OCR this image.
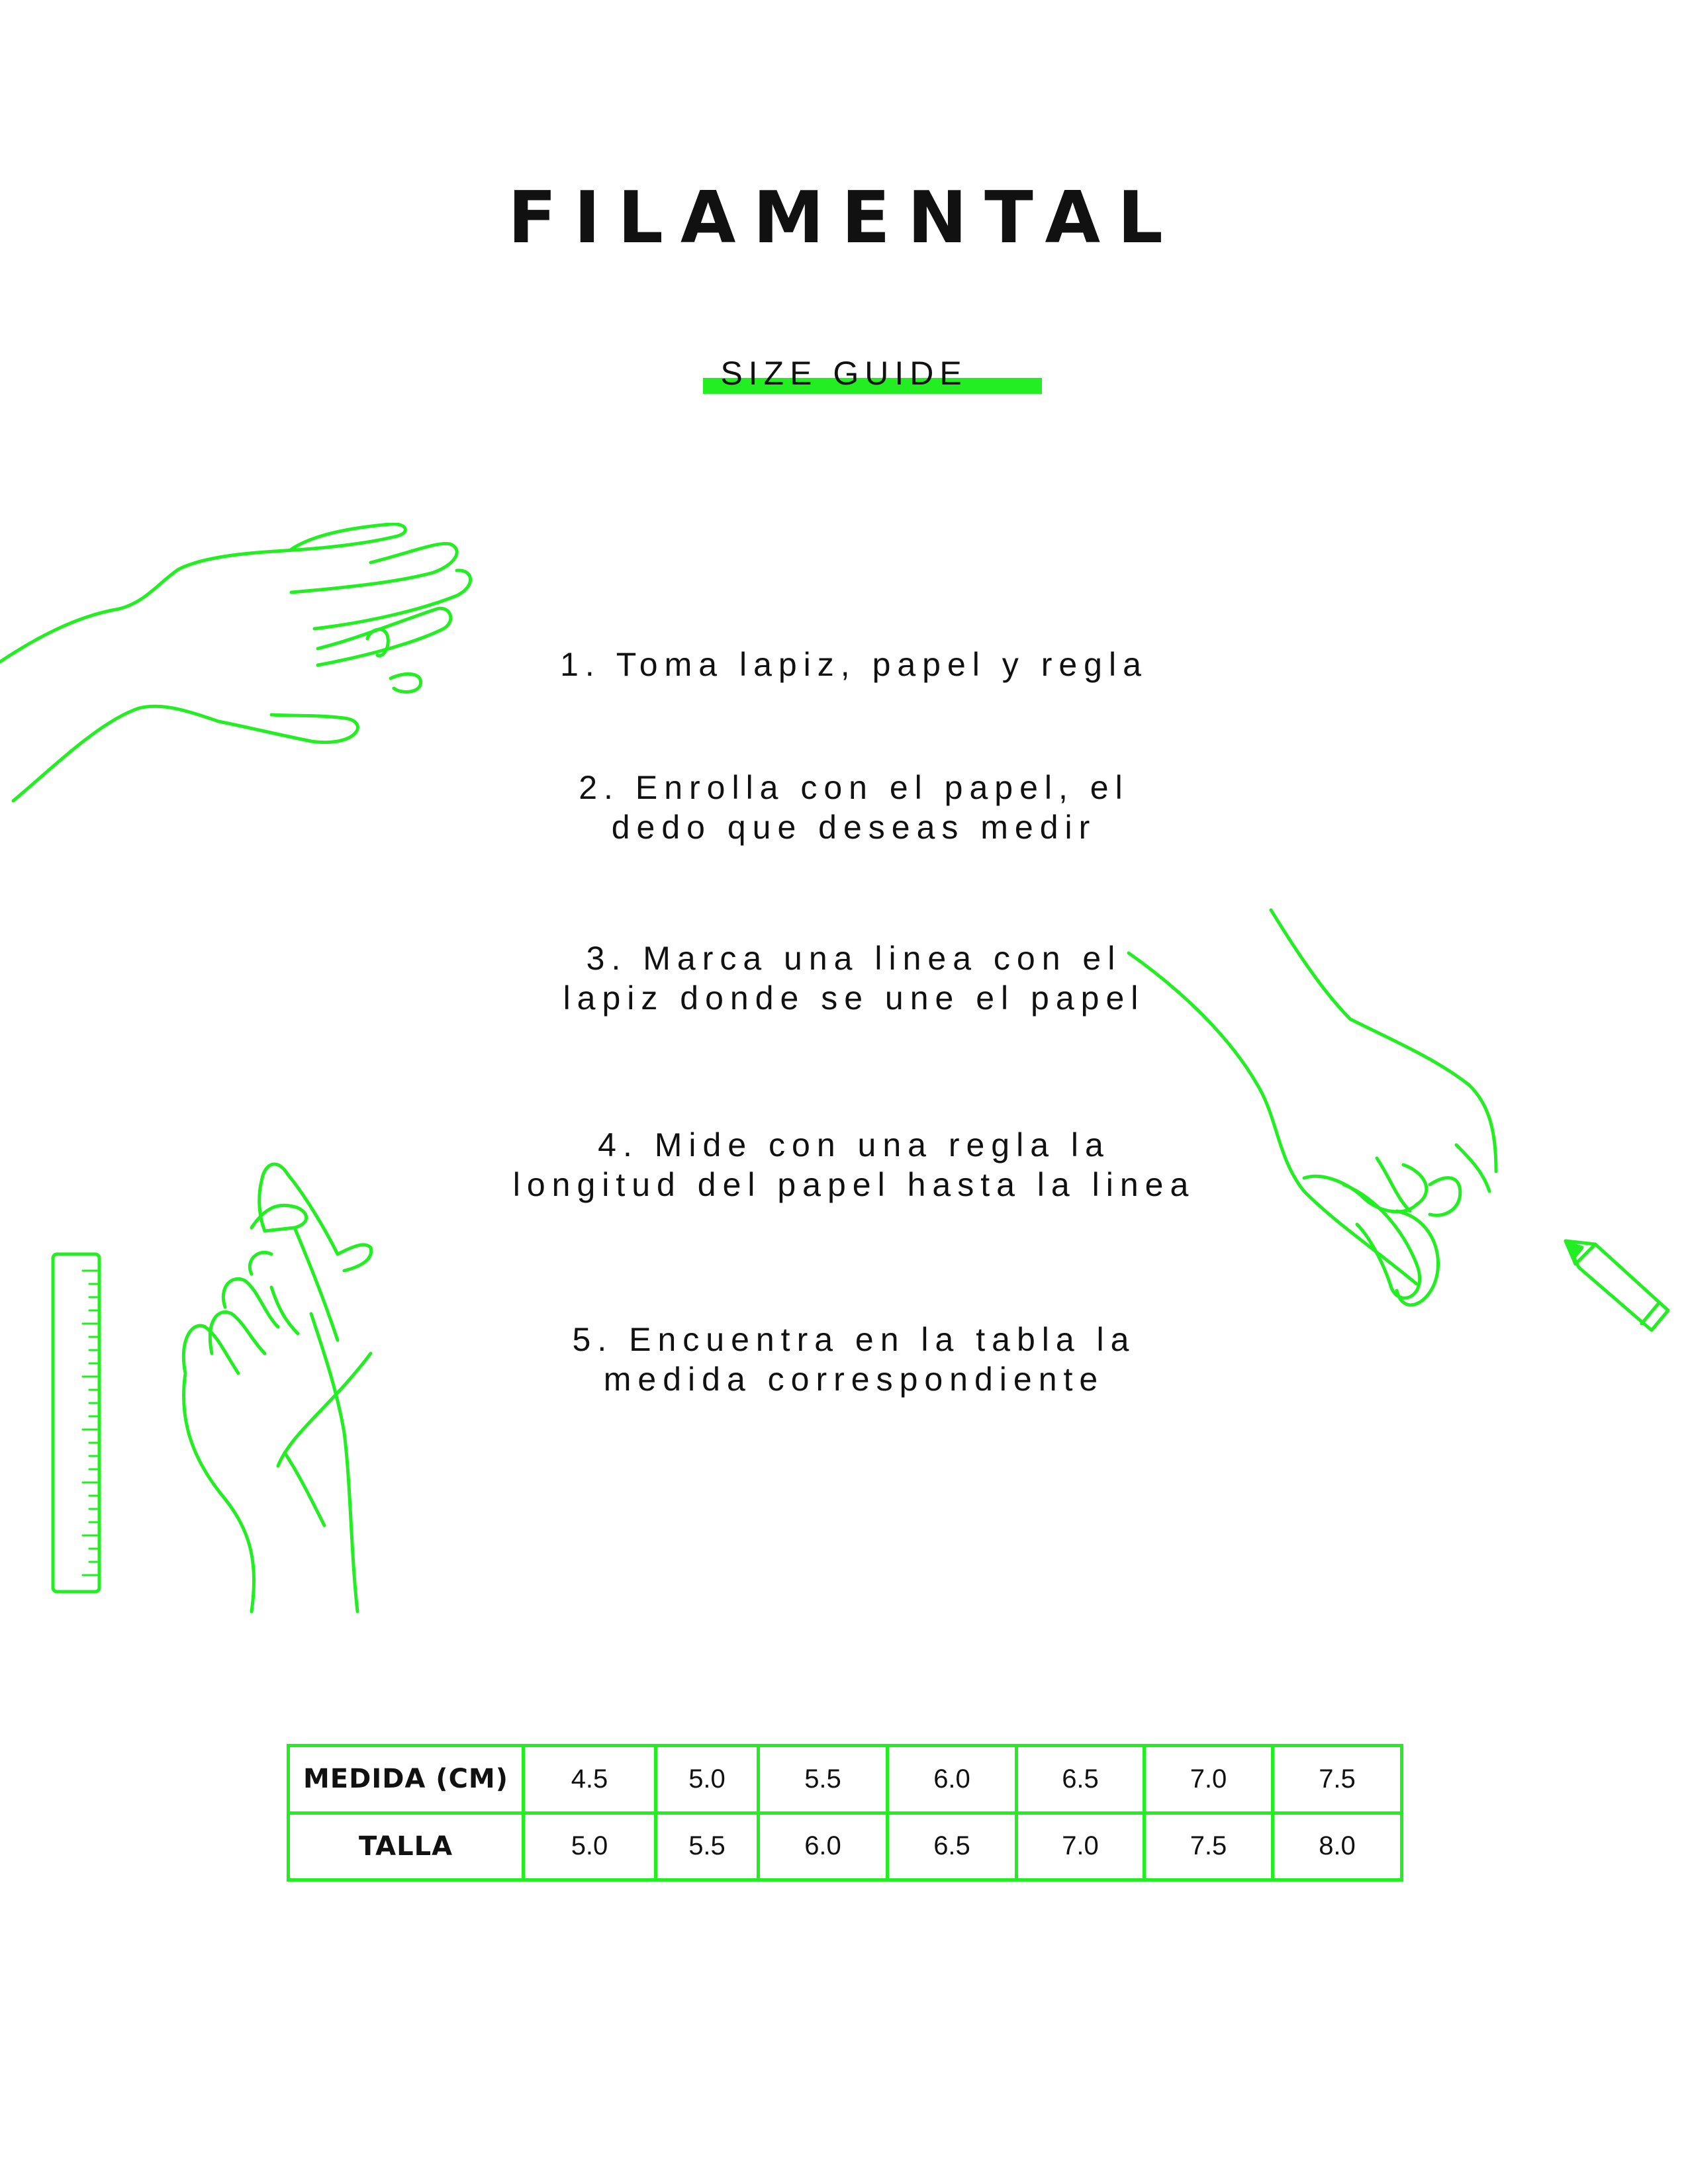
FILAMENTAL
SIZE GUIDE
1. Toma lapiz, papel y regla
2. Enrolla con el papel, el
dedo que deseas medir
3. Marca una linea con el
lapiz donde se une el papel
4. Mide con una regla la
longitud del papel hasta la linea
5. Encuentra en la tabla la
medida correspondiente
MEDIDA (CM)	4.5	5.0	5.5	6.0	6.5	7.0	7.5
TALLA	5.0	5.5	6.0	6.5	7.0	7.5	8.0
